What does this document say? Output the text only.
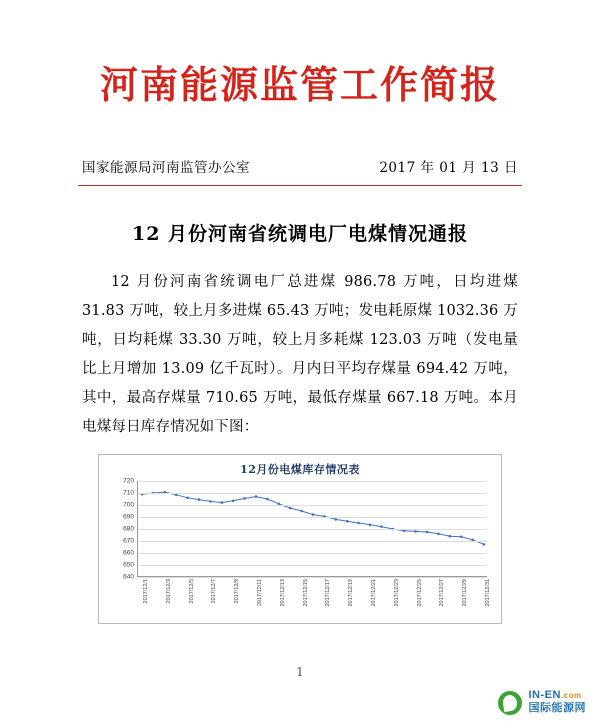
河南能源监管工作简报
国家能源局河南监管办公室	2017 年 01 月 13 日
12 月份河南省统调电厂电煤情况通报
12 月份河南省统调电厂总进煤 986.78 万吨，日均进煤 31.83 万吨，较上月多进煤 65.43 万吨；发电耗原煤 1032.36 万吨，日均耗煤 33.30 万吨，较上月多耗煤 123.03 万吨（发电量比上月增加 13.09 亿千瓦时）。月内日平均存煤量 694.42 万吨，其中，最高存煤量 710.65 万吨，最低存煤量 667.18 万吨。本月电煤每日库存情况如下图：
12月份电煤库存情况表
640
650
660
670
680
690
700
710
720
2017/12/1	2017/12/3	2017/12/5	2017/12/7	2017/12/9	2017/12/11	2017/12/13	2017/12/15	2017/12/17	2017/12/19	2017/12/21	2017/12/23	2017/12/25	2017/12/27	2017/12/29	2017/12/31
1
IN-EN.com
国际能源网
